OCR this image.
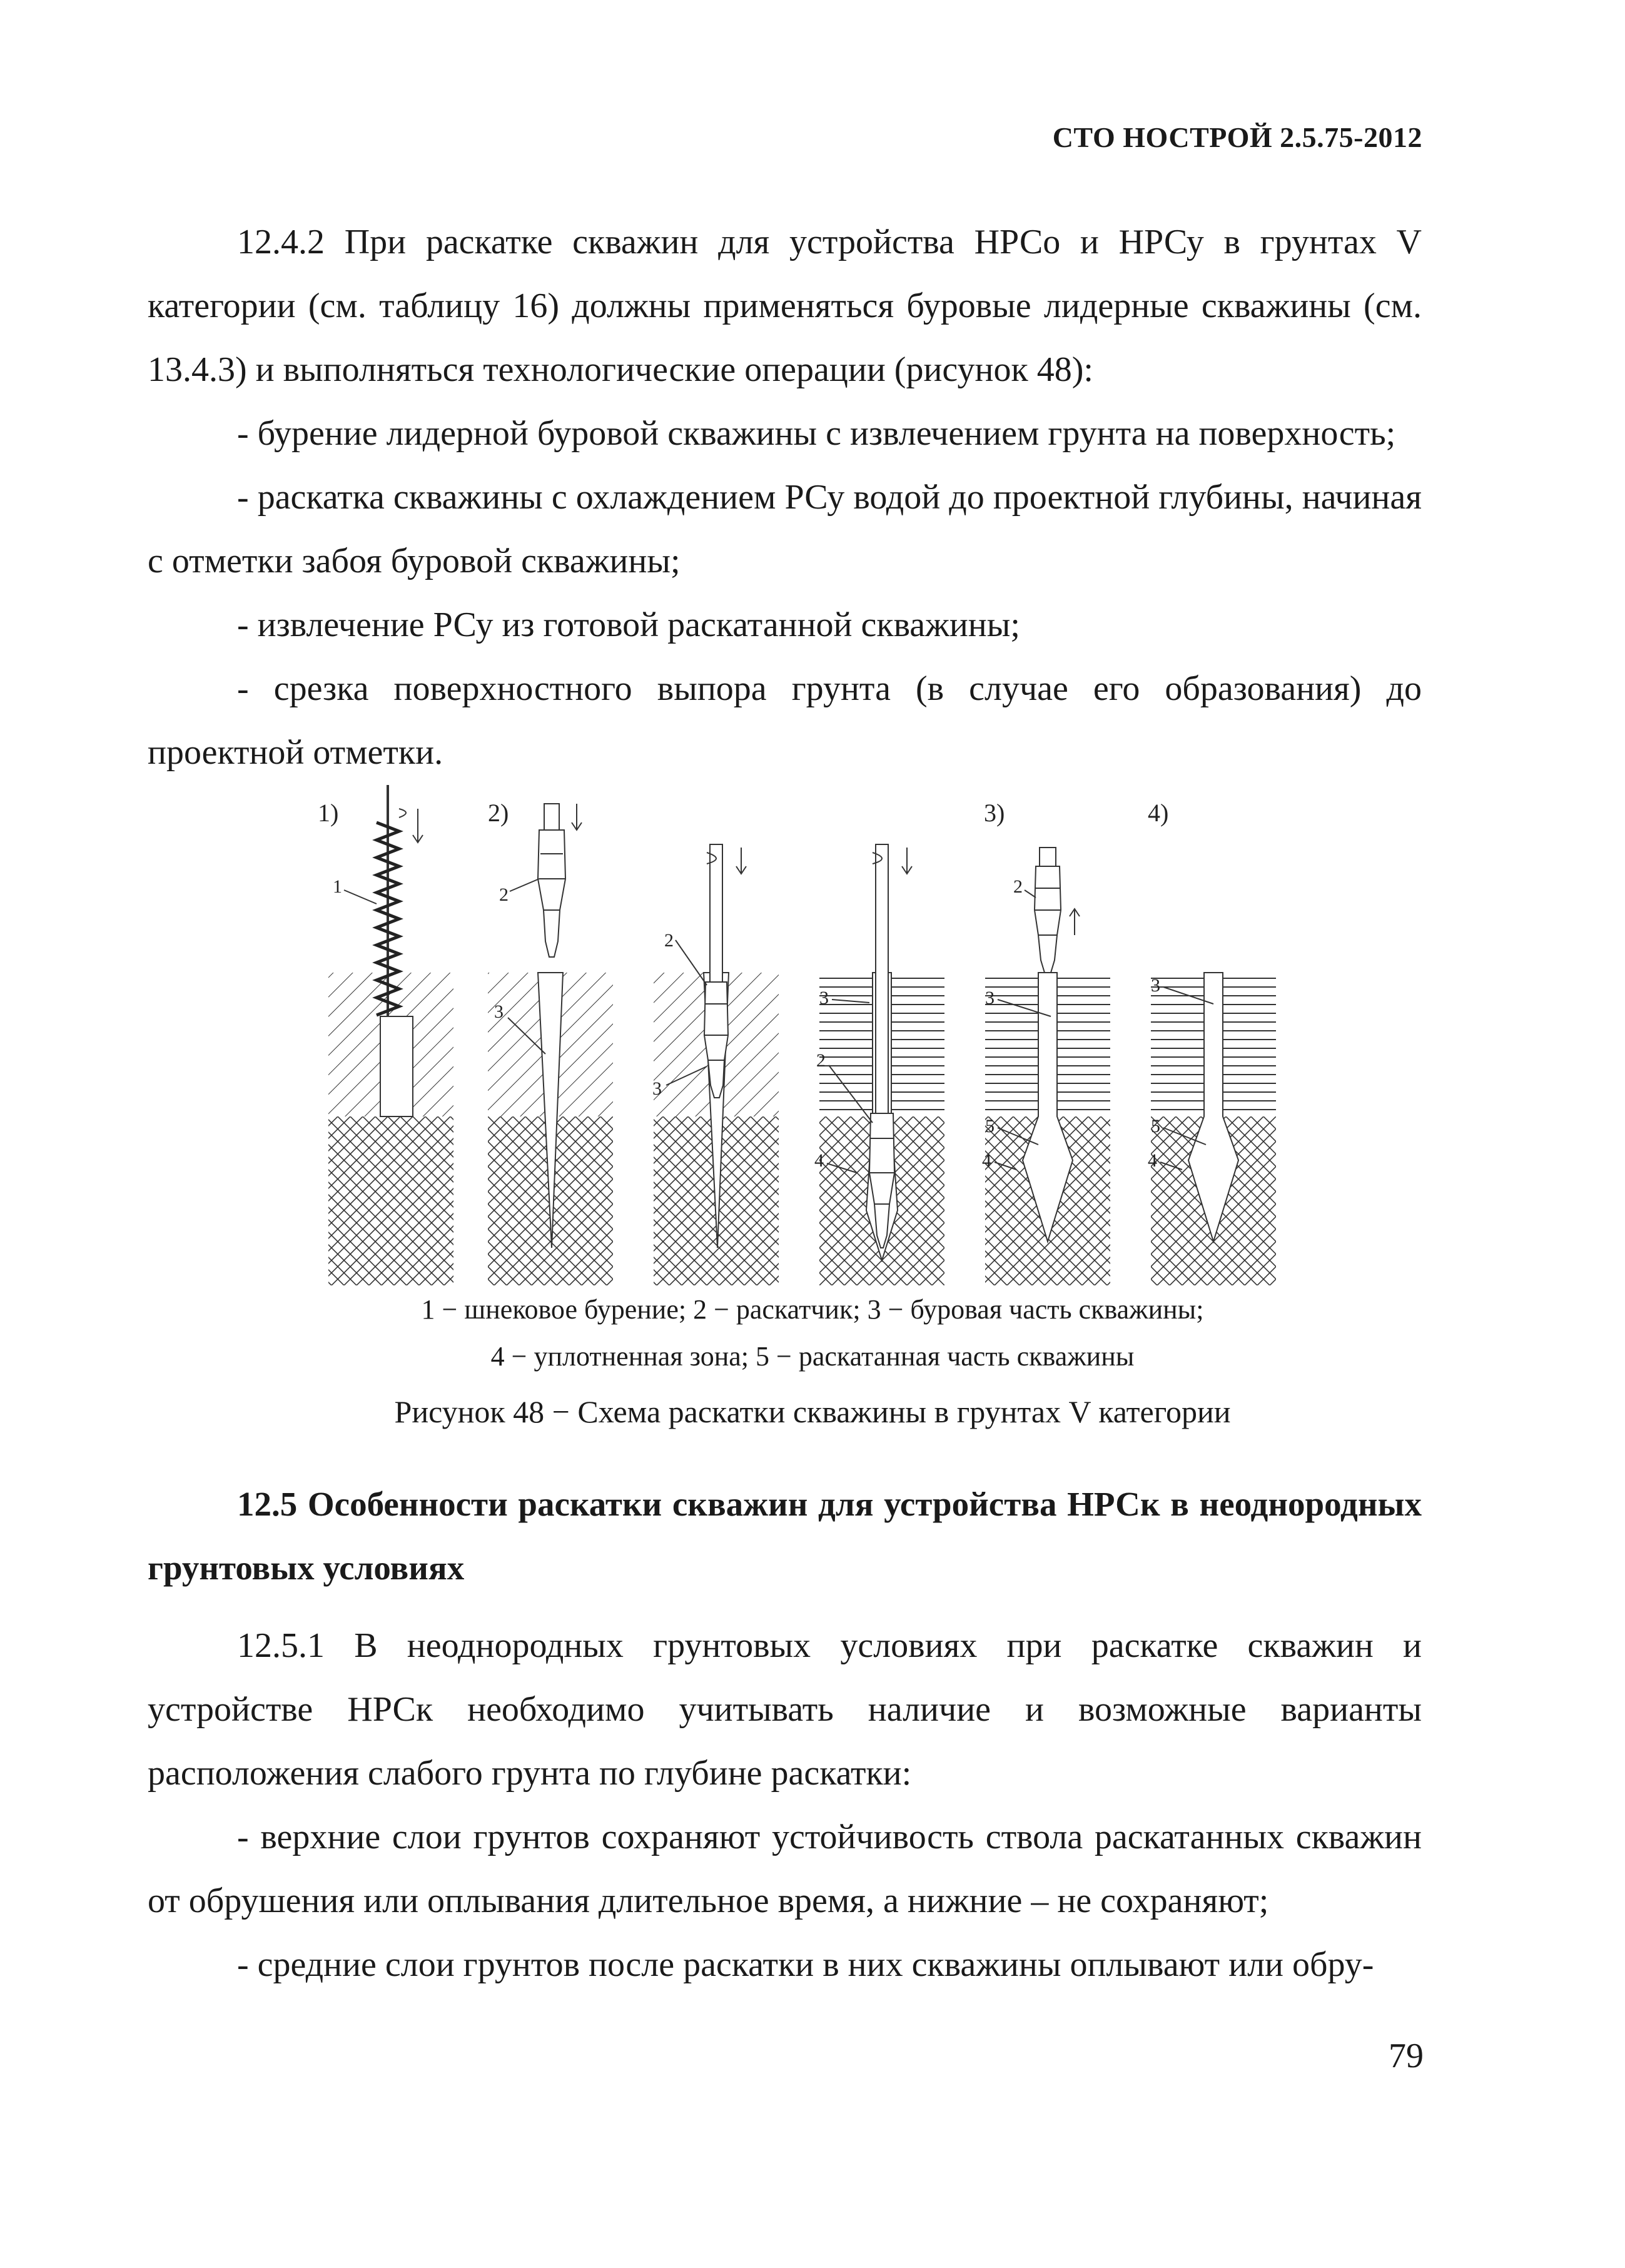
СТО НОСТРОЙ 2.5.75-2012

12.4.2 При раскатке скважин для устройства НРСо и НРСу в грунтах V категории (см. таблицу 16) должны применяться буровые лидерные скважины (см. 13.4.3) и выполняться технологические операции (рисунок 48):

- бурение лидерной буровой скважины с извлечением грунта на поверхность;

- раскатка скважины с охлаждением РСу водой до проектной глубины, начиная с отметки забоя буровой скважины;

- извлечение РСу из готовой раскатанной скважины;

- срезка поверхностного выпора грунта (в случае его образования) до проектной отметки.

1)	2)	3)	4)
1	2
3
2
3
3
2
4
2
3
5
4
3
5
4
1 − шнековое бурение; 2 − раскатчик; 3 − буровая часть скважины;
4 − уплотненная зона; 5 − раскатанная часть скважины
Рисунок 48 − Схема раскатки скважины в грунтах V категории

12.5 Особенности раскатки скважин для устройства НРСк в неоднородных грунтовых условиях

12.5.1 В неоднородных грунтовых условиях при раскатке скважин и устройстве НРСк необходимо учитывать наличие и возможные варианты расположения слабого грунта по глубине раскатки:

- верхние слои грунтов сохраняют устойчивость ствола раскатанных скважин от обрушения или оплывания длительное время, а нижние – не сохраняют;

- средние слои грунтов после раскатки в них скважины оплывают или обру-

79
